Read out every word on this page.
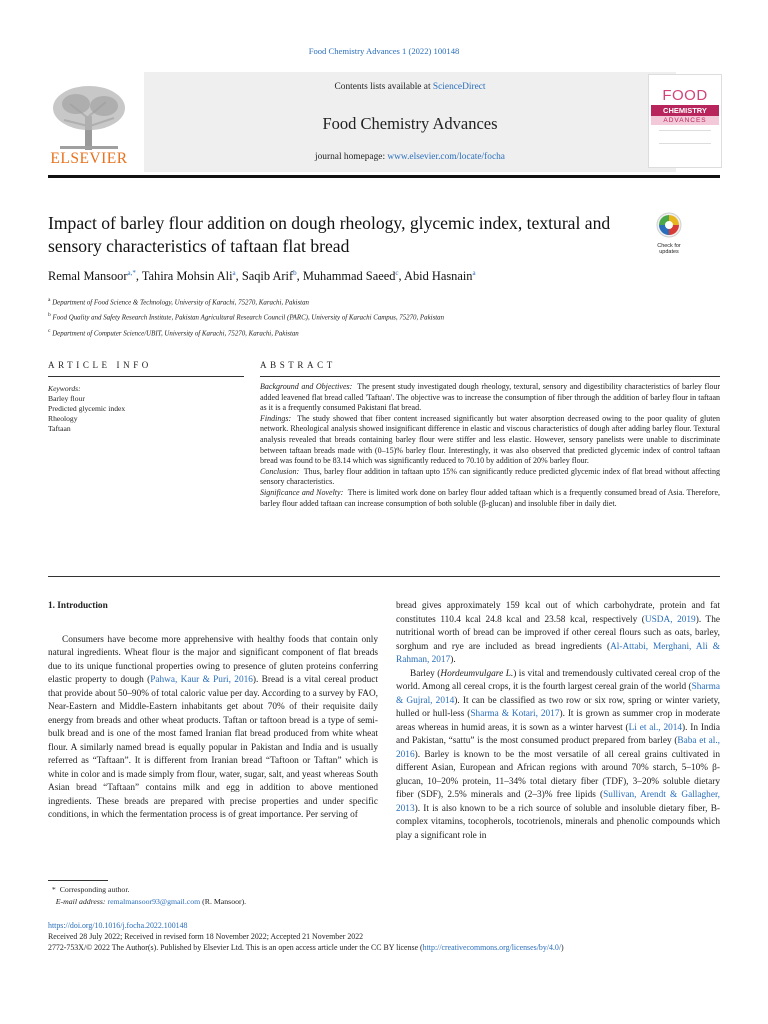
Food Chemistry Advances 1 (2022) 100148
ELSEVIER
Contents lists available at ScienceDirect
Food Chemistry Advances
journal homepage: www.elsevier.com/locate/focha
FOOD
CHEMISTRY
ADVANCES
Impact of barley flour addition on dough rheology, glycemic index, textural and sensory characteristics of taftaan flat bread	Check for updates
Remal Mansoor$^{a,*}$, Tahira Mohsin Ali$^a$, Saqib Arif$^b$, Muhammad Saeed$^c$, Abid Hasnain$^a$
$^a$ Department of Food Science & Technology, University of Karachi, 75270, Karachi, Pakistan
$^b$ Food Quality and Safety Research Institute, Pakistan Agricultural Research Council (PARC), University of Karachi Campus, 75270, Pakistan
$^c$ Department of Computer Science/UBIT, University of Karachi, 75270, Karachi, Pakistan
ARTICLE INFO	ABSTRACT
Keywords:
Barley flour
Predicted glycemic index
Rheology
Taftaan

Background and Objectives: The present study investigated dough rheology, textural, sensory and digestibility characteristics of barley flour added leavened flat bread called 'Taftaan'. The objective was to increase the consumption of fiber through the addition of barley flour in taftaan as it is a frequently consumed Pakistani flat bread.

Findings: The study showed that fiber content increased significantly but water absorption decreased owing to the poor quality of gluten network. Rheological analysis showed insignificant difference in elastic and viscous characteristics of dough after adding barley flour. Textural analysis revealed that breads containing barley flour were stiffer and less elastic. However, sensory panelists were unable to discriminate between taftaan breads made with (0–15)% barley flour. Interestingly, it was also observed that predicted glycemic index of control taftaan bread was found to be 83.14 which was significantly reduced to 70.10 by addition of 20% barley flour.

Conclusion: Thus, barley flour addition in taftaan upto 15% can significantly reduce predicted glycemic index of flat bread without affecting sensory characteristics.

Significance and Novelty: There is limited work done on barley flour added taftaan which is a frequently consumed bread of Asia. Therefore, barley flour added taftaan can increase consumption of both soluble (β-glucan) and insoluble fiber in daily diet.

1. Introduction

Consumers have become more apprehensive with healthy foods that contain only natural ingredients. Wheat flour is the major and significant component of flat breads due to its unique functional properties owing to presence of gluten proteins conferring elastic property to dough (Pahwa, Kaur & Puri, 2016). Bread is a vital cereal product that provide about 50–90% of total caloric value per day. According to a survey by FAO, Near-Eastern and Middle-Eastern inhabitants get about 70% of their requisite daily energy from breads and other wheat products. Taftan or taftoon bread is a type of semi-bulk bread and is one of the most famed Iranian flat bread produced from white wheat flour. A similarly named bread is equally popular in Pakistan and India and is usually referred as “Taftaan”. It is different from Iranian bread “Taftoon or Taftan” which is white in color and is made simply from flour, water, sugar, salt, and yeast whereas South Asian bread “Taftaan” contains milk and egg in addition to above mentioned ingredients. These breads are prepared with precise properties and under specific conditions, in which the fermentation process is of great importance. Per serving of

bread gives approximately 159 kcal out of which carbohydrate, protein and fat constitutes 110.4 kcal 24.8 kcal and 23.58 kcal, respectively (USDA, 2019). The nutritional worth of bread can be improved if other cereal flours such as oats, barley, sorghum and rye are included as bread ingredients (Al-Attabi, Merghani, Ali & Rahman, 2017).

Barley (Hordeumvulgare L.) is vital and tremendously cultivated cereal crop of the world. Among all cereal crops, it is the fourth largest cereal grain of the world (Sharma & Gujral, 2014). It can be classified as two row or six row, spring or winter variety, hulled or hull-less (Sharma & Kotari, 2017). It is grown as summer crop in moderate areas whereas in humid areas, it is sown as a winter harvest (Li et al., 2014). In India and Pakistan, “sattu” is the most consumed product prepared from barley (Baba et al., 2016). Barley is known to be the most versatile of all cereal grains cultivated in different Asian, European and African regions with around 70% starch, 5–10% β-glucan, 10–20% protein, 11–34% total dietary fiber (TDF), 3–20% soluble dietary fiber (SDF), 2.5% minerals and (2–3)% free lipids (Sullivan, Arendt & Gallagher, 2013). It is also known to be a rich source of soluble and insoluble dietary fiber, B-complex vitamins, tocopherols, tocotrienols, minerals and phenolic compounds which play a significant role in

* Corresponding author.
E-mail address: remalmansoor93@gmail.com (R. Mansoor).
https://doi.org/10.1016/j.focha.2022.100148
Received 28 July 2022; Received in revised form 18 November 2022; Accepted 21 November 2022
2772-753X/© 2022 The Author(s). Published by Elsevier Ltd. This is an open access article under the CC BY license (http://creativecommons.org/licenses/by/4.0/)
